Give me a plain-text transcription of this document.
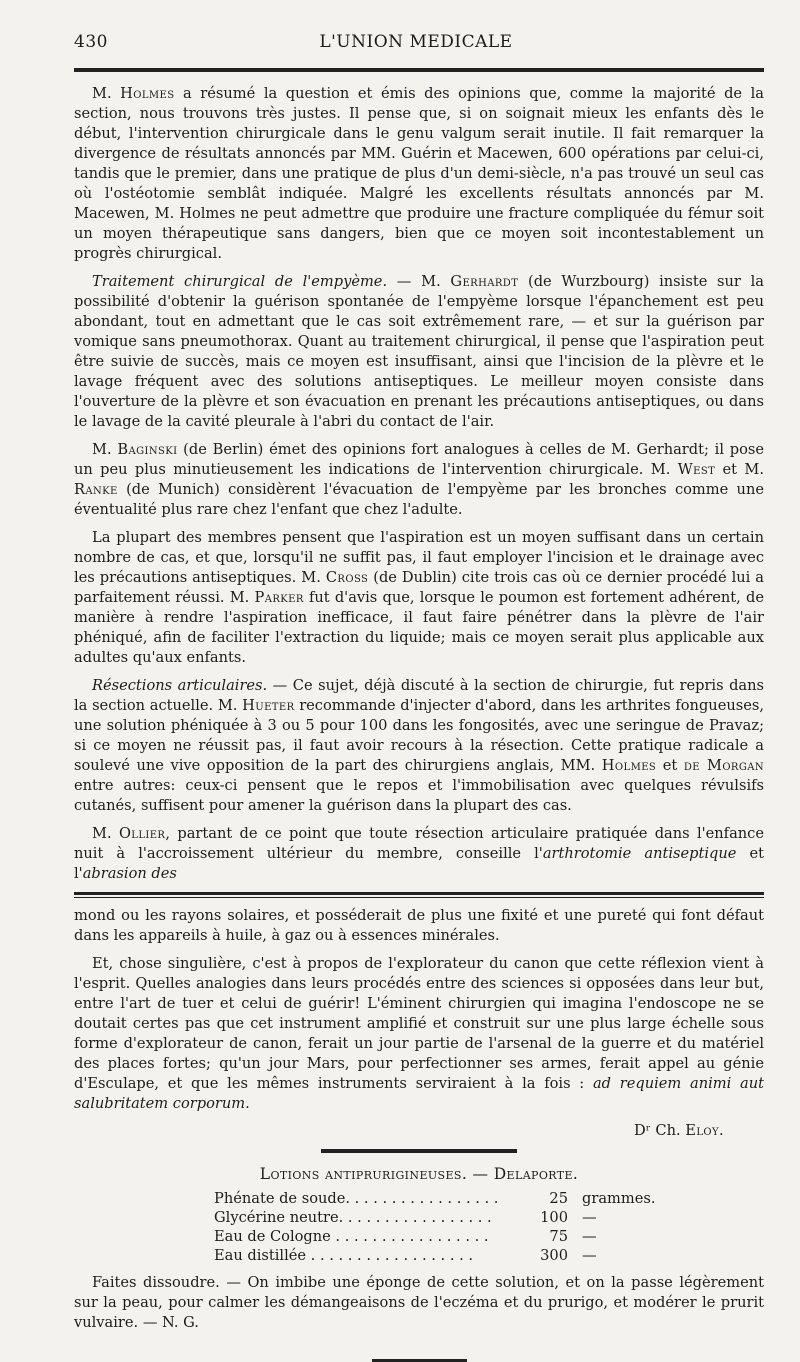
430	L'UNION MEDICALE

M. Holmes a résumé la question et émis des opinions que, comme la majorité de la section, nous trouvons très justes. Il pense que, si on soignait mieux les enfants dès le début, l'intervention chirurgicale dans le genu valgum serait inutile. Il fait remarquer la divergence de résultats annoncés par MM. Guérin et Macewen, 600 opérations par celui-ci, tandis que le premier, dans une pratique de plus d'un demi-siècle, n'a pas trouvé un seul cas où l'ostéotomie semblât indiquée. Malgré les excellents résultats annoncés par M. Macewen, M. Holmes ne peut admettre que produire une fracture compliquée du fémur soit un moyen thérapeutique sans dangers, bien que ce moyen soit incontestablement un progrès chirurgical.

Traitement chirurgical de l'empyème. — M. Gerhardt (de Wurzbourg) insiste sur la possibilité d'obtenir la guérison spontanée de l'empyème lorsque l'épanchement est peu abondant, tout en admettant que le cas soit extrêmement rare, — et sur la guérison par vomique sans pneumothorax. Quant au traitement chirurgical, il pense que l'aspiration peut être suivie de succès, mais ce moyen est insuffisant, ainsi que l'incision de la plèvre et le lavage fréquent avec des solutions antiseptiques. Le meilleur moyen consiste dans l'ouverture de la plèvre et son évacuation en prenant les précautions antiseptiques, ou dans le lavage de la cavité pleurale à l'abri du contact de l'air.

M. Baginski (de Berlin) émet des opinions fort analogues à celles de M. Gerhardt; il pose un peu plus minutieusement les indications de l'intervention chirurgicale. M. West et M. Ranke (de Munich) considèrent l'évacuation de l'empyème par les bronches comme une éventualité plus rare chez l'enfant que chez l'adulte.

La plupart des membres pensent que l'aspiration est un moyen suffisant dans un certain nombre de cas, et que, lorsqu'il ne suffit pas, il faut employer l'incision et le drainage avec les précautions antiseptiques. M. Cross (de Dublin) cite trois cas où ce dernier procédé lui a parfaitement réussi. M. Parker fut d'avis que, lorsque le poumon est fortement adhérent, de manière à rendre l'aspiration inefficace, il faut faire pénétrer dans la plèvre de l'air phéniqué, afin de faciliter l'extraction du liquide; mais ce moyen serait plus applicable aux adultes qu'aux enfants.

Résections articulaires. — Ce sujet, déjà discuté à la section de chirurgie, fut repris dans la section actuelle. M. Hueter recommande d'injecter d'abord, dans les arthrites fongueuses, une solution phéniquée à 3 ou 5 pour 100 dans les fongosités, avec une seringue de Pravaz; si ce moyen ne réussit pas, il faut avoir recours à la résection. Cette pratique radicale a soulevé une vive opposition de la part des chirurgiens anglais, MM. Holmes et de Morgan entre autres: ceux-ci pensent que le repos et l'immobilisation avec quelques révulsifs cutanés, suffisent pour amener la guérison dans la plupart des cas.

M. Ollier, partant de ce point que toute résection articulaire pratiquée dans l'enfance nuit à l'accroissement ultérieur du membre, conseille l'arthrotomie antiseptique et l'abrasion des

mond ou les rayons solaires, et posséderait de plus une fixité et une pureté qui font défaut dans les appareils à huile, à gaz ou à essences minérales.

Et, chose singulière, c'est à propos de l'explorateur du canon que cette réflexion vient à l'esprit. Quelles analogies dans leurs procédés entre des sciences si opposées dans leur but, entre l'art de tuer et celui de guérir! L'éminent chirurgien qui imagina l'endoscope ne se doutait certes pas que cet instrument amplifié et construit sur une plus large échelle sous forme d'explorateur de canon, ferait un jour partie de l'arsenal de la guerre et du matériel des places fortes; qu'un jour Mars, pour perfectionner ses armes, ferait appel au génie d'Esculape, et que les mêmes instruments serviraient à la fois : ad requiem animi aut salubritatem corporum.

Dʳ Ch. Eloy.
Lotions antiprurigineuses. — Delaporte.
Phénate de soude. . . . . . . . . . . . . . . . .	25 grammes.
Glycérine neutre. . . . . . . . . . . . . . . . .	100 —
Eau de Cologne . . . . . . . . . . . . . . . . .	75 —
Eau distillée . . . . . . . . . . . . . . . . . .	300 —

Faites dissoudre. — On imbibe une éponge de cette solution, et on la passe légèrement sur la peau, pour calmer les démangeaisons de l'eczéma et du prurigo, et modérer le prurit vulvaire. — N. G.
